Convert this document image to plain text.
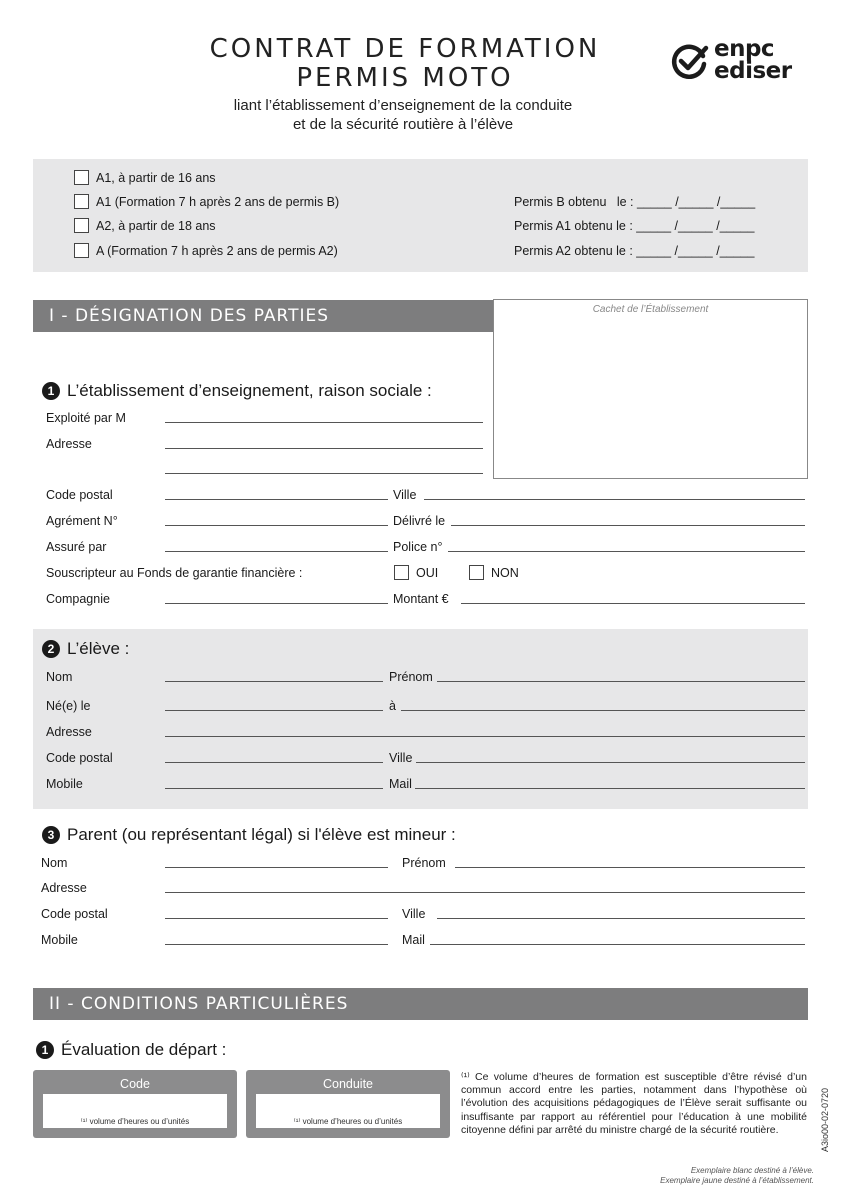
CONTRAT DE FORMATION
PERMIS MOTO
liant l’établissement d’enseignement de la conduite
et de la sécurité routière à l’élève
enpc
ediser
A1, à partir de 16 ans
A1 (Formation 7 h après 2 ans de permis B)
A2, à partir de 18 ans
A (Formation 7 h après 2 ans de permis A2)
Permis B obtenu   le : _____ /_____ /_____
Permis A1 obtenu le : _____ /_____ /_____
Permis A2 obtenu le : _____ /_____ /_____
I - DÉSIGNATION DES PARTIES	Cachet de l’Établissement
1 L’établissement d’enseignement, raison sociale :
Exploité par M
Adresse
Code postal	Ville
Agrément N°	Délivré le
Assuré par	Police n°
Souscripteur au Fonds de garantie financière :	OUI	NON
Compagnie	Montant €
2 L’élève :
Nom	Prénom
Né(e) le	à
Adresse
Code postal	Ville
Mobile	Mail
3 Parent (ou représentant légal) si l'élève est mineur :
Nom	Prénom
Adresse
Code postal	Ville
Mobile	Mail
II - CONDITIONS PARTICULIÈRES
1 Évaluation de départ :
Code
⁽¹⁾ volume d’heures ou d’unités
Conduite
⁽¹⁾ volume d’heures ou d’unités
⁽¹⁾ Ce volume d’heures de formation est susceptible d’être révisé d’un commun accord entre les parties, notamment dans l’hypothèse où l’évolution des acquisitions pédagogiques de l’Élève serait suffisante ou insuffisante par rapport au référentiel pour l’éducation à une mobilité citoyenne défini par arrêté du ministre chargé de la sécurité routière.	A3io00-02-0720
Exemplaire blanc destiné à l’élève.
Exemplaire jaune destiné à l’établissement.
